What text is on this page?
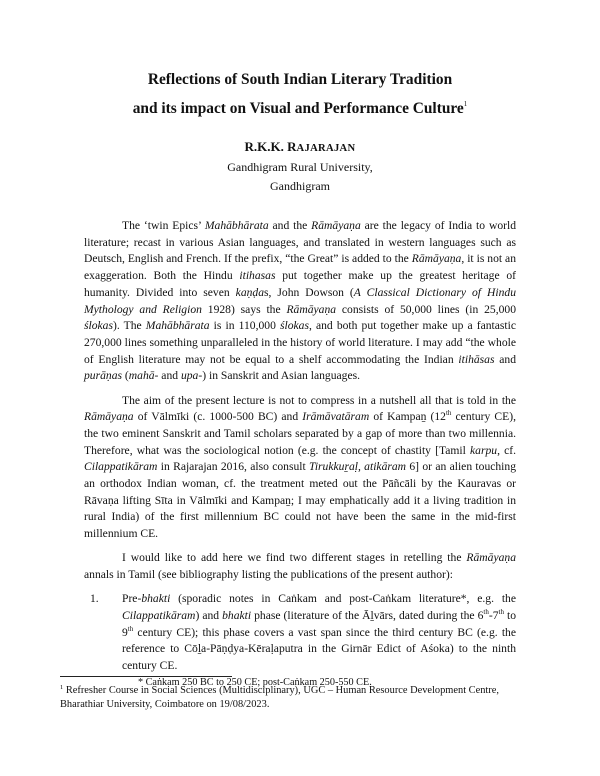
Reflections of South Indian Literary Tradition
and its impact on Visual and Performance Culture$^1$
R.K.K. RAJARAJAN
Gandhigram Rural University,
Gandhigram

The ‘twin Epics’ Mahābhārata and the Rāmāyaṇa are the legacy of India to world literature; recast in various Asian languages, and translated in western languages such as Deutsch, English and French. If the prefix, “the Great” is added to the Rāmāyaṇa, it is not an exaggeration. Both the Hindu itihasas put together make up the greatest heritage of humanity. Divided into seven kaṇḍas, John Dowson (A Classical Dictionary of Hindu Mythology and Religion 1928) says the Rāmāyaṇa consists of 50,000 lines (in 25,000 ślokas). The Mahābhārata is in 110,000 ślokas, and both put together make up a fantastic 270,000 lines something unparalleled in the history of world literature. I may add “the whole of English literature may not be equal to a shelf accommodating the Indian itihāsas and purāṇas (mahā- and upa-) in Sanskrit and Asian languages.

The aim of the present lecture is not to compress in a nutshell all that is told in the Rāmāyaṇa of Vālmīki (c. 1000-500 BC) and Irāmāvatāram of Kampaṉ (12th century CE), the two eminent Sanskrit and Tamil scholars separated by a gap of more than two millennia. Therefore, what was the sociological notion (e.g. the concept of chastity [Tamil karpu, cf. Cilappatikāram in Rajarajan 2016, also consult Tirukkuṟaḷ, atikāram 6] or an alien touching an orthodox Indian woman, cf. the treatment meted out the Pāñcāli by the Kauravas or Rāvaṇa lifting Sīta in Vālmīki and Kampaṉ; I may emphatically add it a living tradition in rural India) of the first millennium BC could not have been the same in the mid-first millennium CE.

I would like to add here we find two different stages in retelling the Rāmāyaṇa annals in Tamil (see bibliography listing the publications of the present author):

1. Pre-bhakti (sporadic notes in Caṅkam and post-Caṅkam literature*, e.g. the Cilappatikāram) and bhakti phase (literature of the Āḻvārs, dated during the 6th-7th to 9th century CE); this phase covers a vast span since the third century BC (e.g. the reference to Cōḻa-Pāṇḍya-Kēraḷaputra in the Girnār Edict of Aśoka) to the ninth century CE.
* Caṅkam 250 BC to 250 CE; post-Caṅkam 250-550 CE.
$^1$ Refresher Course in Social Sciences (Multidisciplinary), UGC – Human Resource Development Centre, Bharathiar University, Coimbatore on 19/08/2023.
